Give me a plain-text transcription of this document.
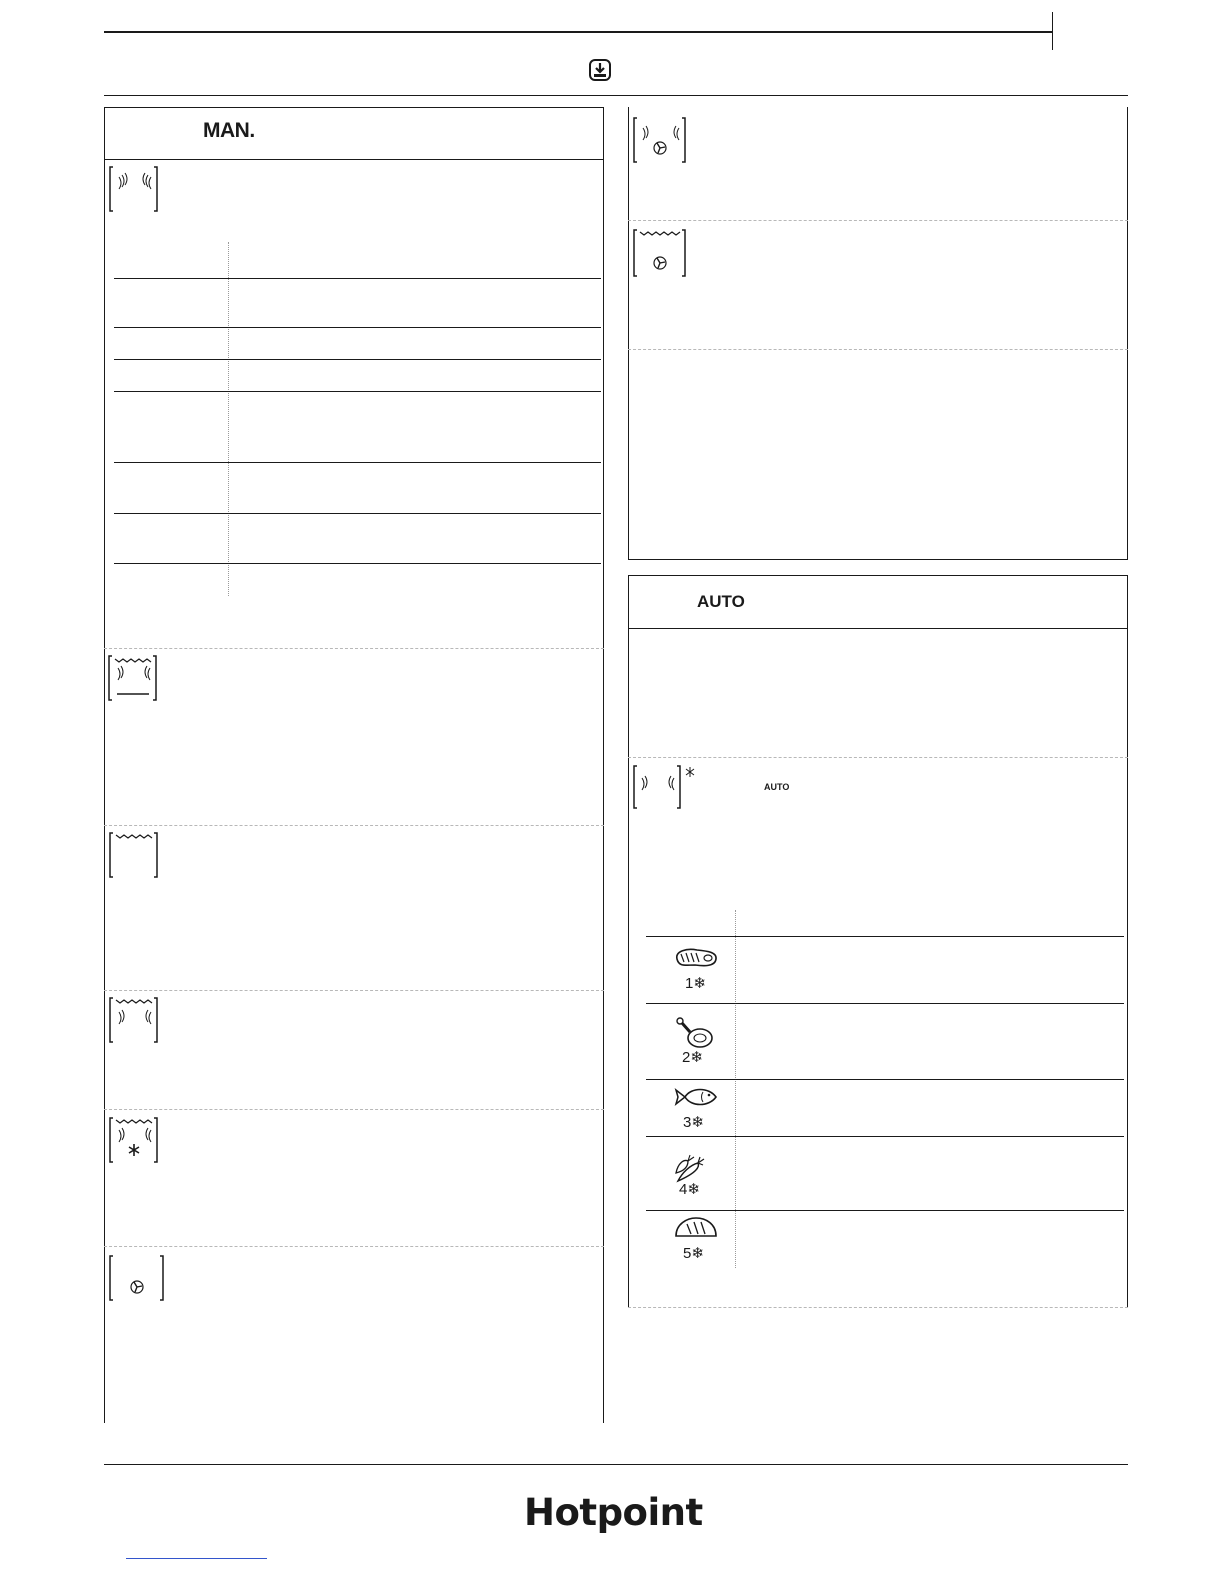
MAN.
AUTO
AUTO
1❄
2❄
3❄
4❄
5❄
Hotpoint
